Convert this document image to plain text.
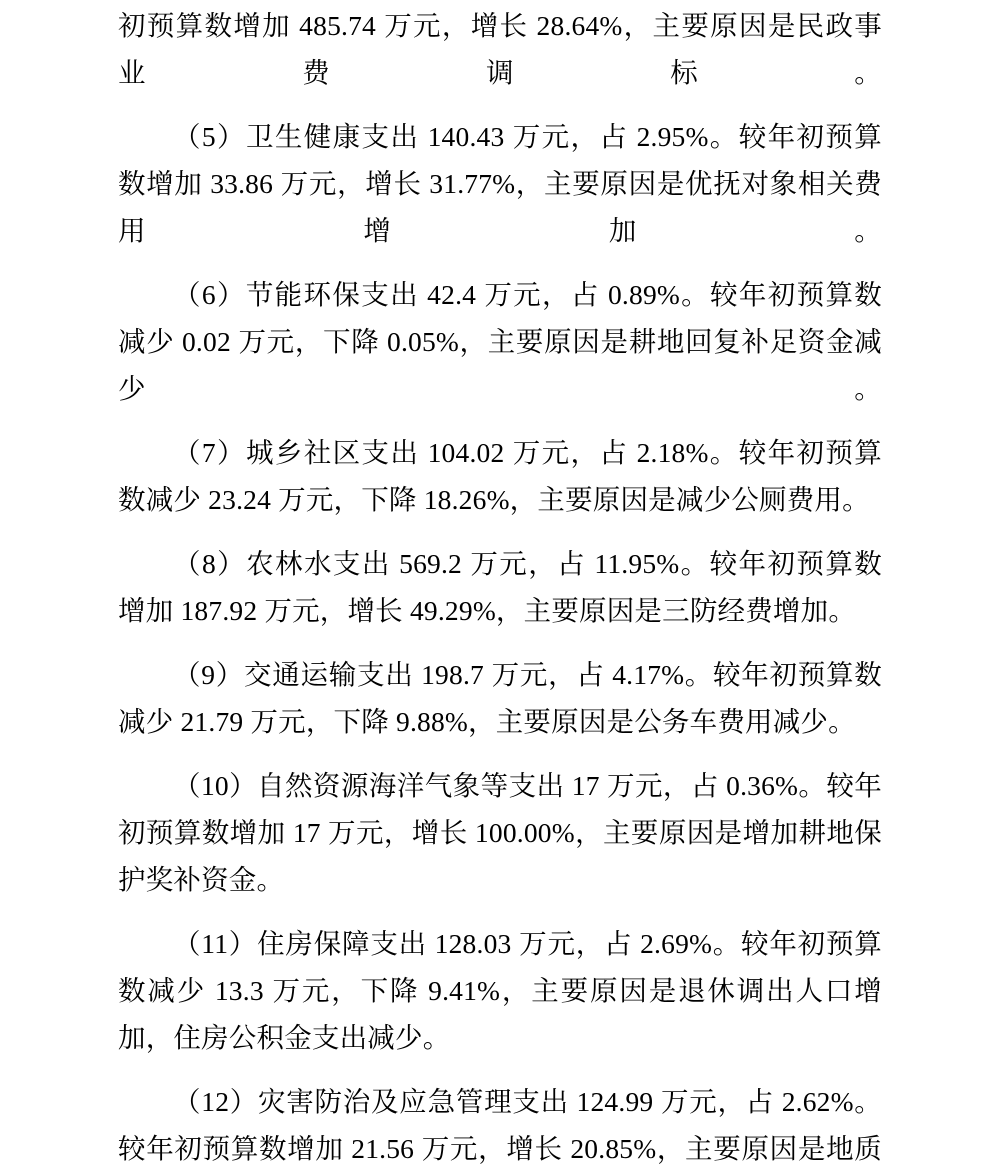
初预算数增加 485.74 万元，增长 28.64%，主要原因是民政事业费调标。

（5）卫生健康支出 140.43 万元，占 2.95%。较年初预算数增加 33.86 万元，增长 31.77%，主要原因是优抚对象相关费用增加。

（6）节能环保支出 42.4 万元，占 0.89%。较年初预算数减少 0.02 万元，下降 0.05%，主要原因是耕地回复补足资金减少。

（7）城乡社区支出 104.02 万元，占 2.18%。较年初预算数减少 23.24 万元，下降 18.26%，主要原因是减少公厕费用。

（8）农林水支出 569.2 万元，占 11.95%。较年初预算数增加 187.92 万元，增长 49.29%，主要原因是三防经费增加。

（9）交通运输支出 198.7 万元，占 4.17%。较年初预算数减少 21.79 万元，下降 9.88%，主要原因是公务车费用减少。

（10）自然资源海洋气象等支出 17 万元，占 0.36%。较年初预算数增加 17 万元，增长 100.00%，主要原因是增加耕地保护奖补资金。

（11）住房保障支出 128.03 万元，占 2.69%。较年初预算数减少 13.3 万元，下降 9.41%，主要原因是退休调出人口增加，住房公积金支出减少。

（12）灾害防治及应急管理支出 124.99 万元，占 2.62%。较年初预算数增加 21.56 万元，增长 20.85%，主要原因是地质
